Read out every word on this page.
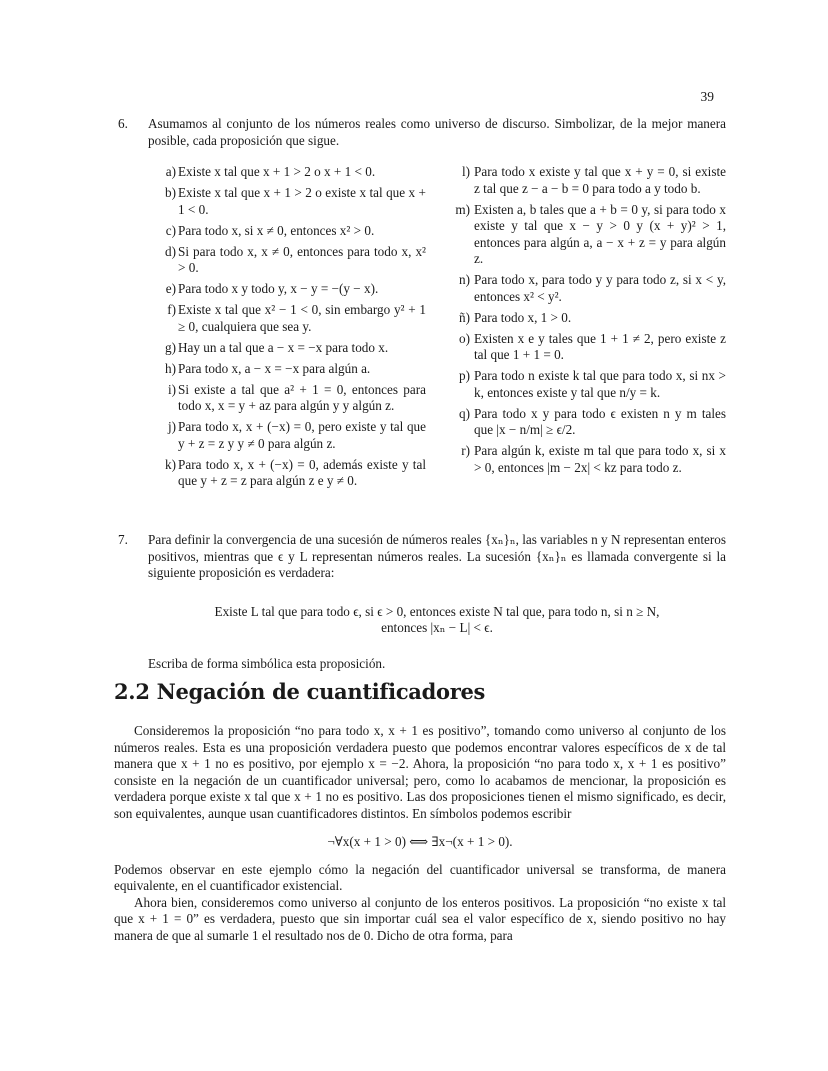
39
6. Asumamos al conjunto de los números reales como universo de discurso. Simbolizar, de la mejor manera posible, cada proposición que sigue.
a) Existe x tal que x + 1 > 2 o x + 1 < 0.
b) Existe x tal que x + 1 > 2 o existe x tal que x + 1 < 0.
c) Para todo x, si x ≠ 0, entonces x² > 0.
d) Si para todo x, x ≠ 0, entonces para todo x, x² > 0.
e) Para todo x y todo y, x − y = −(y − x).
f) Existe x tal que x² − 1 < 0, sin embargo y² + 1 ≥ 0, cualquiera que sea y.
g) Hay un a tal que a − x = −x para todo x.
h) Para todo x, a − x = −x para algún a.
i) Si existe a tal que a² + 1 = 0, entonces para todo x, x = y + az para algún y y algún z.
j) Para todo x, x + (−x) = 0, pero existe y tal que y + z = z y y ≠ 0 para algún z.
k) Para todo x, x + (−x) = 0, además existe y tal que y + z = z para algún z e y ≠ 0.
l) Para todo x existe y tal que x + y = 0, si existe z tal que z − a − b = 0 para todo a y todo b.
m) Existen a, b tales que a + b = 0 y, si para todo x existe y tal que x − y > 0 y (x + y)² > 1, entonces para algún a, a − x + z = y para algún z.
n) Para todo x, para todo y y para todo z, si x < y, entonces x² < y².
ñ) Para todo x, 1 > 0.
o) Existen x e y tales que 1 + 1 ≠ 2, pero existe z tal que 1 + 1 = 0.
p) Para todo n existe k tal que para todo x, si nx > k, entonces existe y tal que n/y = k.
q) Para todo x y para todo ϵ existen n y m tales que |x − n/m| ≥ ϵ/2.
r) Para algún k, existe m tal que para todo x, si x > 0, entonces |m − 2x| < kz para todo z.
7. Para definir la convergencia de una sucesión de números reales {xₙ}ₙ, las variables n y N representan enteros positivos, mientras que ϵ y L representan números reales. La sucesión {xₙ}ₙ es llamada convergente si la siguiente proposición es verdadera:
Existe L tal que para todo ϵ, si ϵ > 0, entonces existe N tal que, para todo n, si n ≥ N,
entonces |xₙ − L| < ϵ.
Escriba de forma simbólica esta proposición.
2.2 Negación de cuantificadores

Consideremos la proposición “no para todo x, x + 1 es positivo”, tomando como universo al conjunto de los números reales. Esta es una proposición verdadera puesto que podemos encontrar valores específicos de x de tal manera que x + 1 no es positivo, por ejemplo x = −2. Ahora, la proposición “no para todo x, x + 1 es positivo” consiste en la negación de un cuantificador universal; pero, como lo acabamos de mencionar, la proposición es verdadera porque existe x tal que x + 1 no es positivo. Las dos proposiciones tienen el mismo significado, es decir, son equivalentes, aunque usan cuantificadores distintos. En símbolos podemos escribir

¬∀x(x + 1 > 0) ⟺ ∃x¬(x + 1 > 0).

Podemos observar en este ejemplo cómo la negación del cuantificador universal se transforma, de manera equivalente, en el cuantificador existencial.

Ahora bien, consideremos como universo al conjunto de los enteros positivos. La proposición “no existe x tal que x + 1 = 0” es verdadera, puesto que sin importar cuál sea el valor específico de x, siendo positivo no hay manera de que al sumarle 1 el resultado nos de 0. Dicho de otra forma, para
